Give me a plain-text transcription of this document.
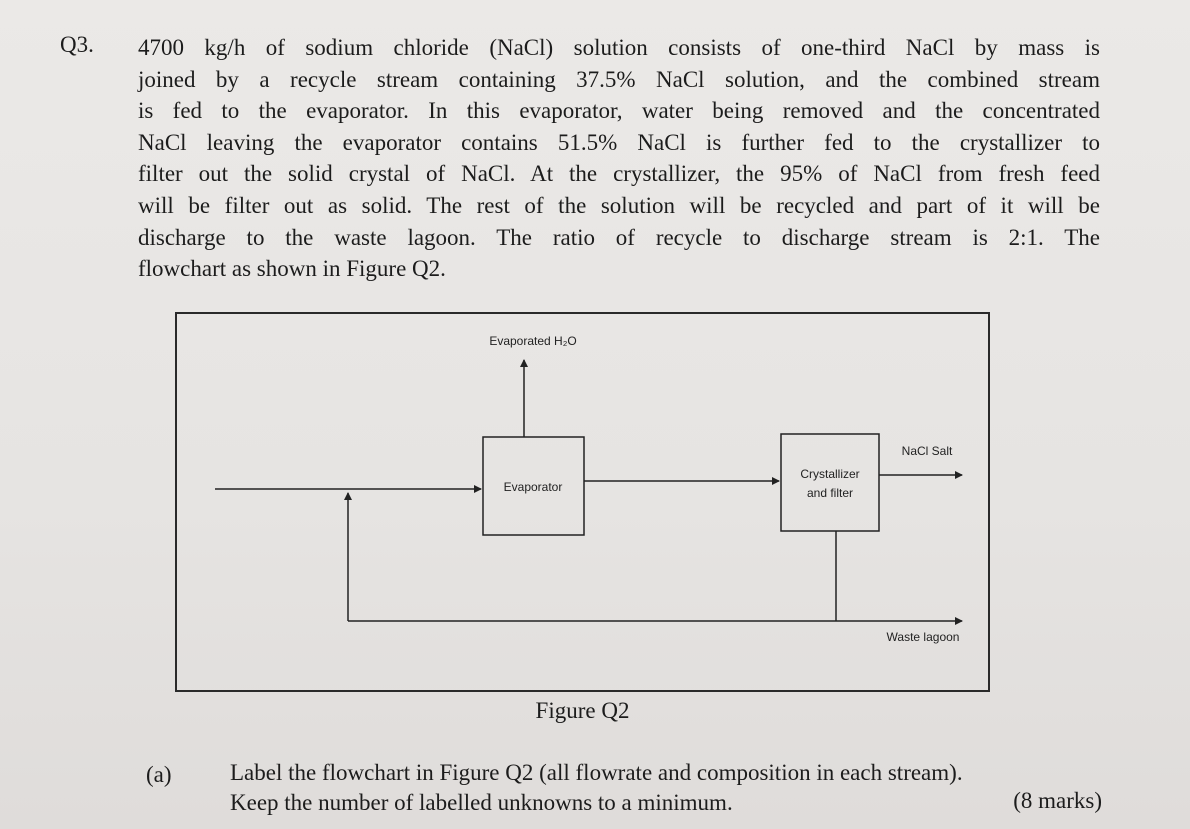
Q3. 4700 kg/h of sodium chloride (NaCl) solution consists of one-third NaCl by mass is
joined by a recycle stream containing 37.5% NaCl solution, and the combined stream
is fed to the evaporator. In this evaporator, water being removed and the concentrated
NaCl leaving the evaporator contains 51.5% NaCl is further fed to the crystallizer to
filter out the solid crystal of NaCl. At the crystallizer, the 95% of NaCl from fresh feed
will be filter out as solid. The rest of the solution will be recycled and part of it will be
discharge to the waste lagoon. The ratio of recycle to discharge stream is 2:1. The
flowchart as shown in Figure Q2.
Evaporator
Evaporated H₂O
Crystallizer
and filter
NaCl Salt
Waste lagoon
Figure Q2
(a)	Label the flowchart in Figure Q2 (all flowrate and composition in each stream).
Keep the number of labelled unknowns to a minimum.	(8 marks)
